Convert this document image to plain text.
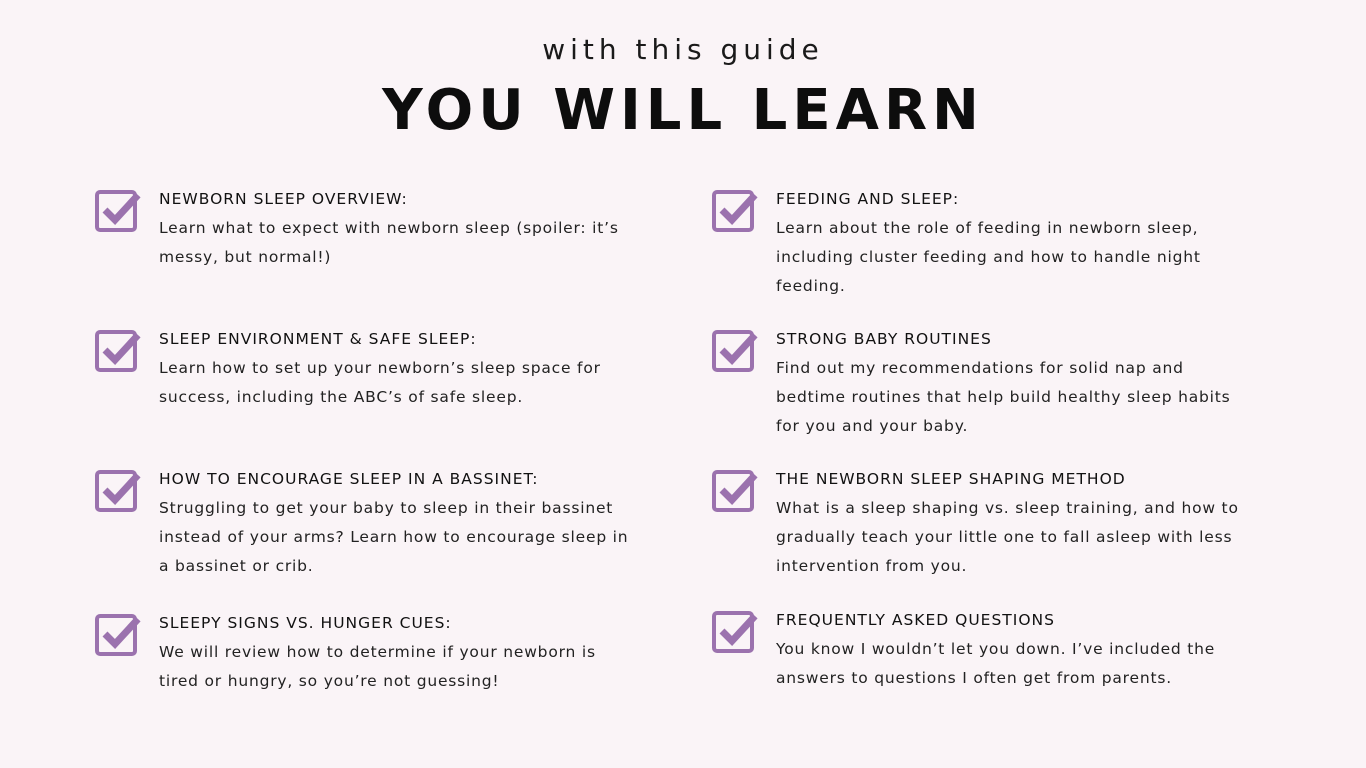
with this guide
YOU WILL LEARN
NEWBORN SLEEP OVERVIEW:
Learn what to expect with newborn sleep (spoiler: it’s messy, but normal!)
SLEEP ENVIRONMENT & SAFE SLEEP:
Learn how to set up your newborn’s sleep space for success, including the ABC’s of safe sleep.
HOW TO ENCOURAGE SLEEP IN A BASSINET:
Struggling to get your baby to sleep in their bassinet instead of your arms? Learn how to encourage sleep in a bassinet or crib.
SLEEPY SIGNS VS. HUNGER CUES:
We will review how to determine if your newborn is tired or hungry, so you’re not guessing!
FEEDING AND SLEEP:
Learn about the role of feeding in newborn sleep, including cluster feeding and how to handle night feeding.
STRONG BABY ROUTINES
Find out my recommendations for solid nap and bedtime routines that help build healthy sleep habits for you and your baby.
THE NEWBORN SLEEP SHAPING METHOD
What is a sleep shaping vs. sleep training, and how to gradually teach your little one to fall asleep with less intervention from you.
FREQUENTLY ASKED QUESTIONS
You know I wouldn’t let you down. I’ve included the answers to questions I often get from parents.
